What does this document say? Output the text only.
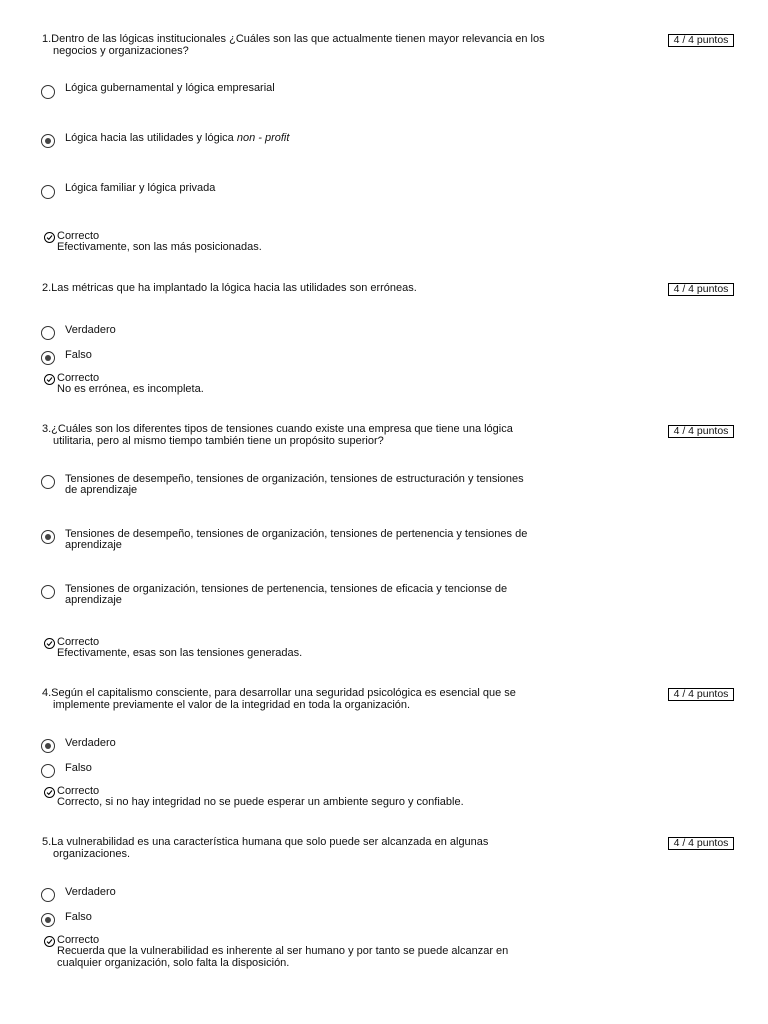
1.Dentro de las lógicas institucionales ¿Cuáles son las que actualmente tienen mayor relevancia en los
negocios y organizaciones?
4 / 4 puntos
Lógica gubernamental y lógica empresarial
Lógica hacia las utilidades y lógica non - profit
Lógica familiar y lógica privada
Correcto
Efectivamente, son las más posicionadas.
2.Las métricas que ha implantado la lógica hacia las utilidades son erróneas.	4 / 4 puntos
Verdadero
Falso
Correcto
No es errónea, es incompleta.
3.¿Cuáles son los diferentes tipos de tensiones cuando existe una empresa que tiene una lógica
utilitaria, pero al mismo tiempo también tiene un propósito superior?
4 / 4 puntos
Tensiones de desempeño, tensiones de organización, tensiones de estructuración y tensiones
de aprendizaje
Tensiones de desempeño, tensiones de organización, tensiones de pertenencia y tensiones de
aprendizaje
Tensiones de organización, tensiones de pertenencia, tensiones de eficacia y tencionse de
aprendizaje
Correcto
Efectivamente, esas son las tensiones generadas.
4.Según el capitalismo consciente, para desarrollar una seguridad psicológica es esencial que se
implemente previamente el valor de la integridad en toda la organización.
4 / 4 puntos
Verdadero
Falso
Correcto
Correcto, si no hay integridad no se puede esperar un ambiente seguro y confiable.
5.La vulnerabilidad es una característica humana que solo puede ser alcanzada en algunas
organizaciones.
4 / 4 puntos
Verdadero
Falso
Correcto
Recuerda que la vulnerabilidad es inherente al ser humano y por tanto se puede alcanzar en
cualquier organización, solo falta la disposición.
